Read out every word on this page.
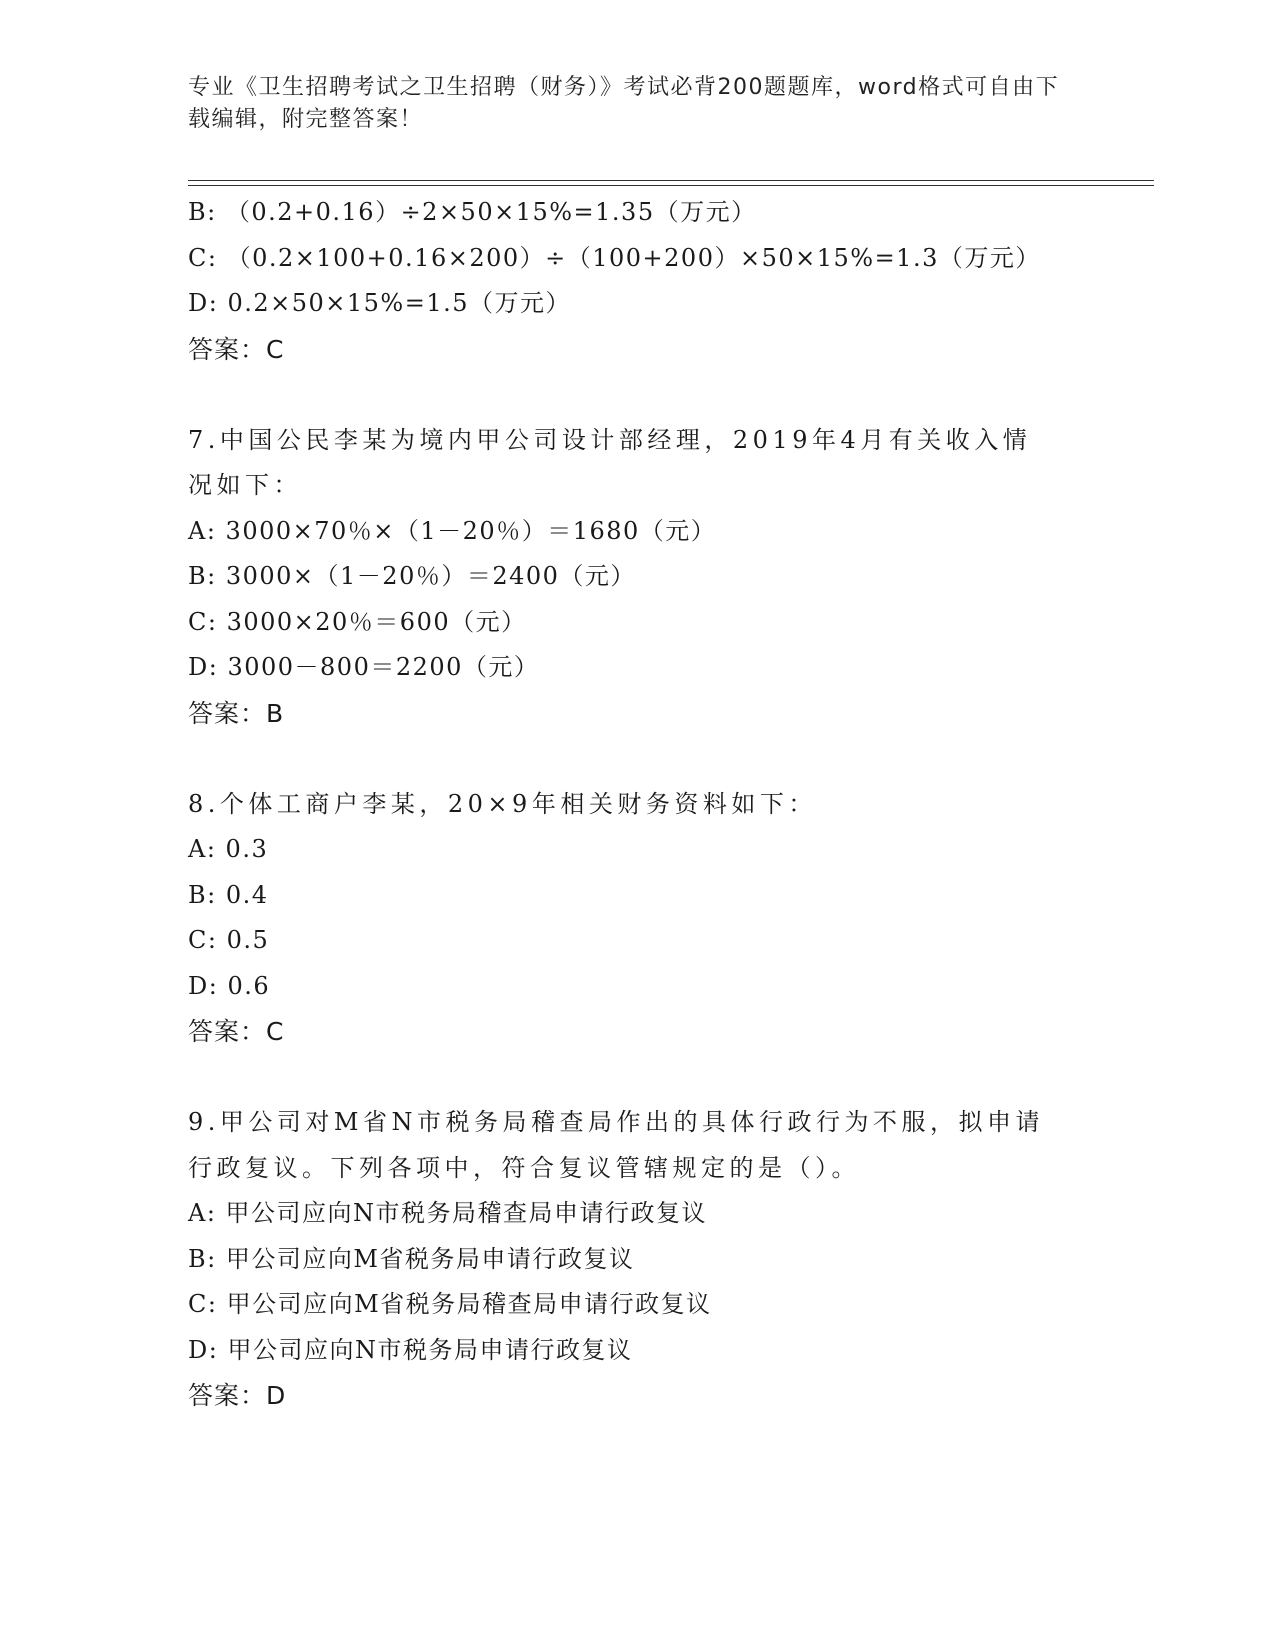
专业《卫生招聘考试之卫生招聘（财务）》考试必背200题题库，word格式可自由下载编辑，附完整答案！
B: （0.2+0.16）÷2×50×15%=1.35（万元）
C: （0.2×100+0.16×200）÷（100+200）×50×15%=1.3（万元）
D: 0.2×50×15%=1.5（万元）
答案：C
7.中国公民李某为境内甲公司设计部经理，2019年4月有关收入情况如下：
A: 3000×70％×（1－20％）＝1680（元）
B: 3000×（1－20％）＝2400（元）
C: 3000×20％＝600（元）
D: 3000－800＝2200（元）
答案：B
8.个体工商户李某，20×9年相关财务资料如下：
A: 0.3
B: 0.4
C: 0.5
D: 0.6
答案：C
9.甲公司对M省N市税务局稽查局作出的具体行政行为不服，拟申请行政复议。下列各项中，符合复议管辖规定的是（）。
A: 甲公司应向N市税务局稽查局申请行政复议
B: 甲公司应向M省税务局申请行政复议
C: 甲公司应向M省税务局稽查局申请行政复议
D: 甲公司应向N市税务局申请行政复议
答案：D
